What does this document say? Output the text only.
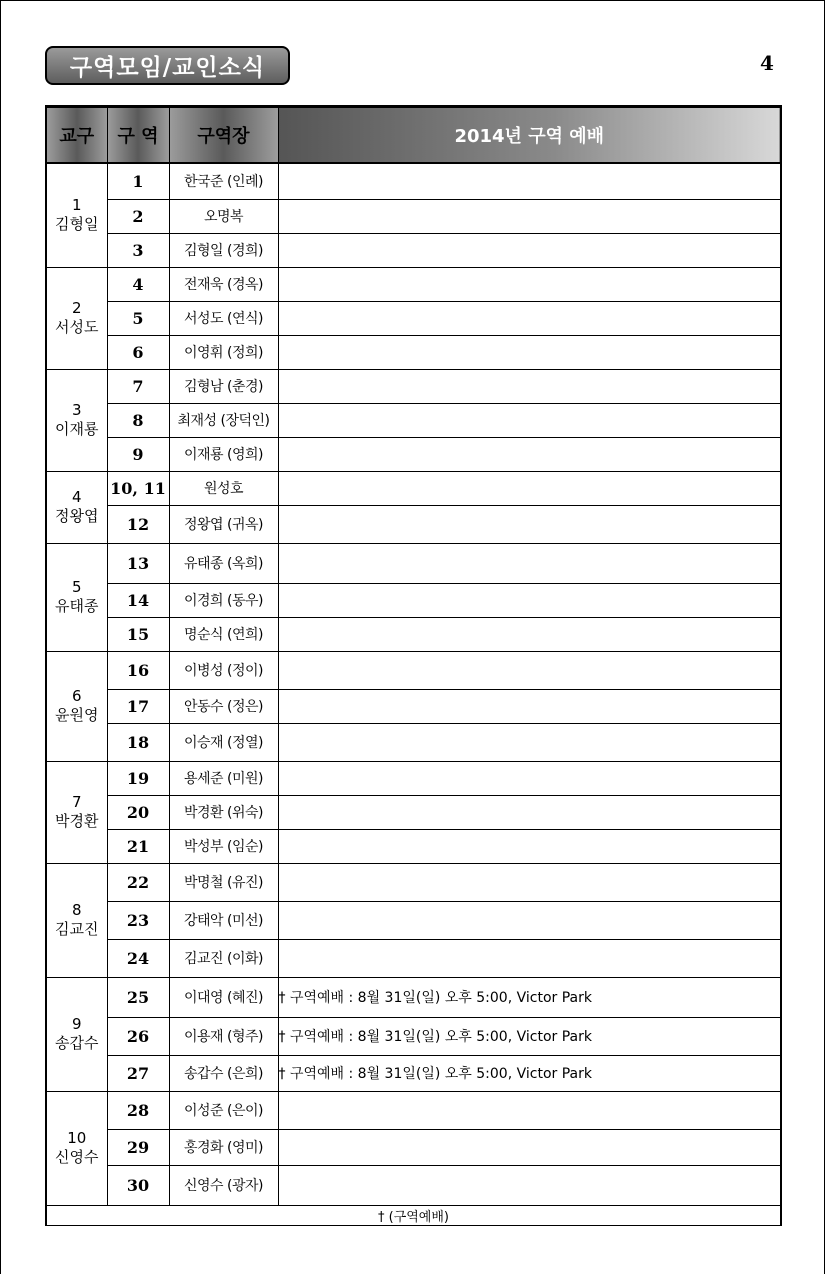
구역모임/교인소식	4
교구	구 역	구역장	2014년 구역 예배

1
김형일	1	한국준 (인례)	
	2	오명복	
	3	김형일 (경희)	

2
서성도	4	전재욱 (경옥)	
	5	서성도 (연식)	
	6	이영휘 (정희)	

3
이재룡	7	김형남 (춘경)	
	8	최재성 (장덕인)	
	9	이재룡 (영희)	

4
정왕엽	10, 11	원성호	
	12	정왕엽 (귀옥)	

5
유태종	13	유태종 (옥희)	
	14	이경희 (동우)	
	15	명순식 (연희)	

6
윤원영	16	이병성 (정이)	
	17	안동수 (정은)	
	18	이승재 (정열)	

7
박경환	19	용세준 (미원)	
	20	박경환 (위숙)	
	21	박성부 (임순)	

8
김교진	22	박명철 (유진)	
	23	강태악 (미선)	
	24	김교진 (이화)	

9
송갑수	25	이대영 (혜진)	† 구역예배 : 8월 31일(일) 오후 5:00, Victor Park
	26	이용재 (형주)	† 구역예배 : 8월 31일(일) 오후 5:00, Victor Park
	27	송갑수 (은희)	† 구역예배 : 8월 31일(일) 오후 5:00, Victor Park

10
신영수	28	이성준 (은이)	
	29	홍경화 (영미)	
	30	신영수 (광자)	
† (구역예배)			
